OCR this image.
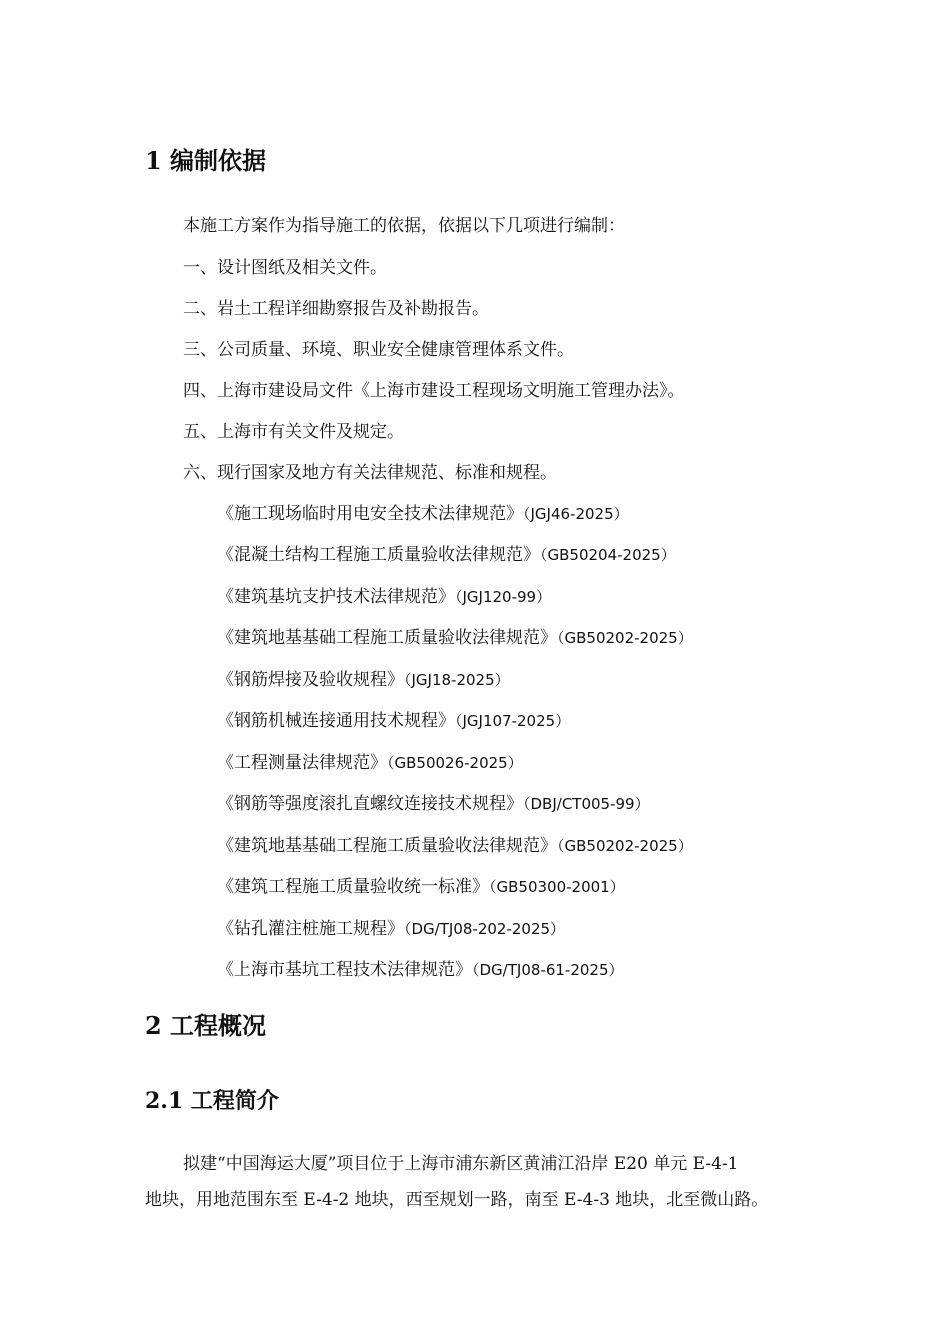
1 编制依据
本施工方案作为指导施工的依据，依据以下几项进行编制：
一、设计图纸及相关文件。
二、岩土工程详细勘察报告及补勘报告。
三、公司质量、环境、职业安全健康管理体系文件。
四、上海市建设局文件《上海市建设工程现场文明施工管理办法》。
五、上海市有关文件及规定。
六、现行国家及地方有关法律规范、标准和规程。
《施工现场临时用电安全技术法律规范》（JGJ46-2025）
《混凝土结构工程施工质量验收法律规范》（GB50204-2025）
《建筑基坑支护技术法律规范》（JGJ120-99）
《建筑地基基础工程施工质量验收法律规范》（GB50202-2025）
《钢筋焊接及验收规程》（JGJ18-2025）
《钢筋机械连接通用技术规程》（JGJ107-2025）
《工程测量法律规范》（GB50026-2025）
《钢筋等强度滚扎直螺纹连接技术规程》（DBJ/CT005-99）
《建筑地基基础工程施工质量验收法律规范》（GB50202-2025）
《建筑工程施工质量验收统一标准》（GB50300-2001）
《钻孔灌注桩施工规程》（DG/TJ08-202-2025）
《上海市基坑工程技术法律规范》（DG/TJ08-61-2025）
2 工程概况
2.1 工程简介
拟建“中国海运大厦”项目位于上海市浦东新区黄浦江沿岸 E20 单元 E-4-1
地块，用地范围东至 E-4-2 地块，西至规划一路，南至 E-4-3 地块，北至微山路。
